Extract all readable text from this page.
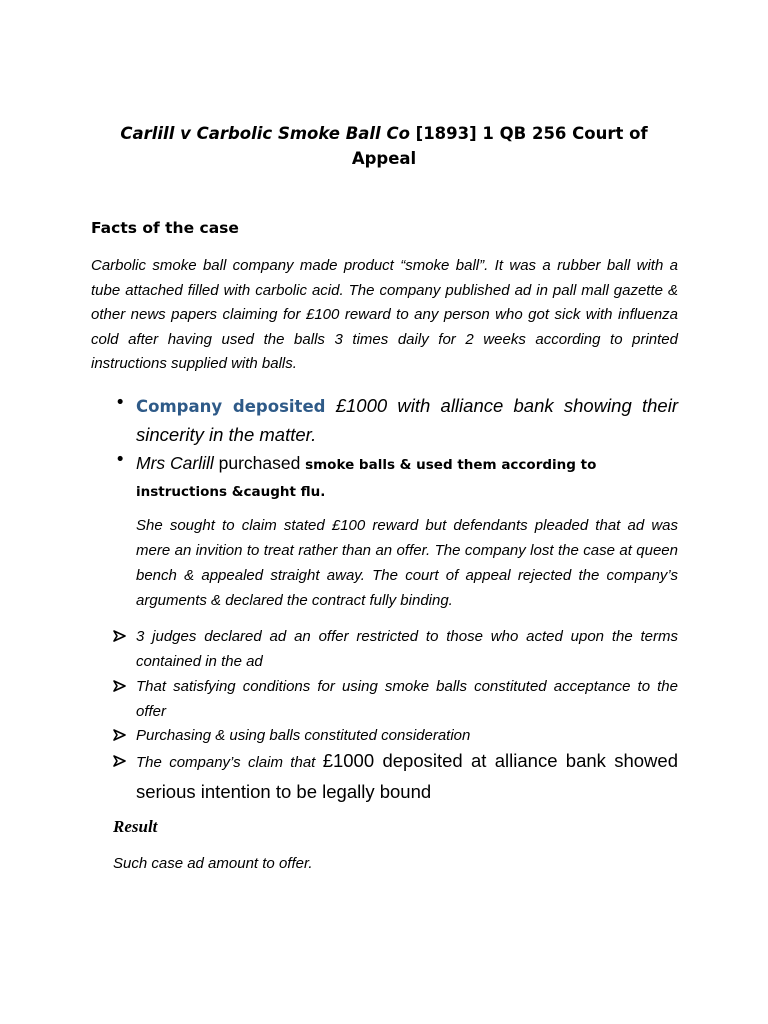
Carlill v Carbolic Smoke Ball Co [1893] 1 QB 256 Court of
Appeal
Facts of the case
Carbolic smoke ball company made product “smoke ball”. It was a rubber ball with a tube attached filled with carbolic acid. The company published ad in pall mall gazette & other news papers claiming for £100 reward to any person who got sick with influenza cold after having used the balls 3 times daily for 2 weeks according to printed instructions supplied with balls.
• Company deposited £1000 with alliance bank showing their sincerity in the matter.
• Mrs Carlill purchased smoke balls & used them according to instructions &caught flu.
She sought to claim stated £100 reward but defendants pleaded that ad was mere an invition to treat rather than an offer. The company lost the case at queen bench & appealed straight away. The court of appeal rejected the company’s arguments & declared the contract fully binding.
3 judges declared ad an offer restricted to those who acted upon the terms contained in the ad
That satisfying conditions for using smoke balls constituted acceptance to the offer
Purchasing & using balls constituted consideration
The company’s claim that £1000 deposited at alliance bank showed serious intention to be legally bound
Result
Such case ad amount to offer.
